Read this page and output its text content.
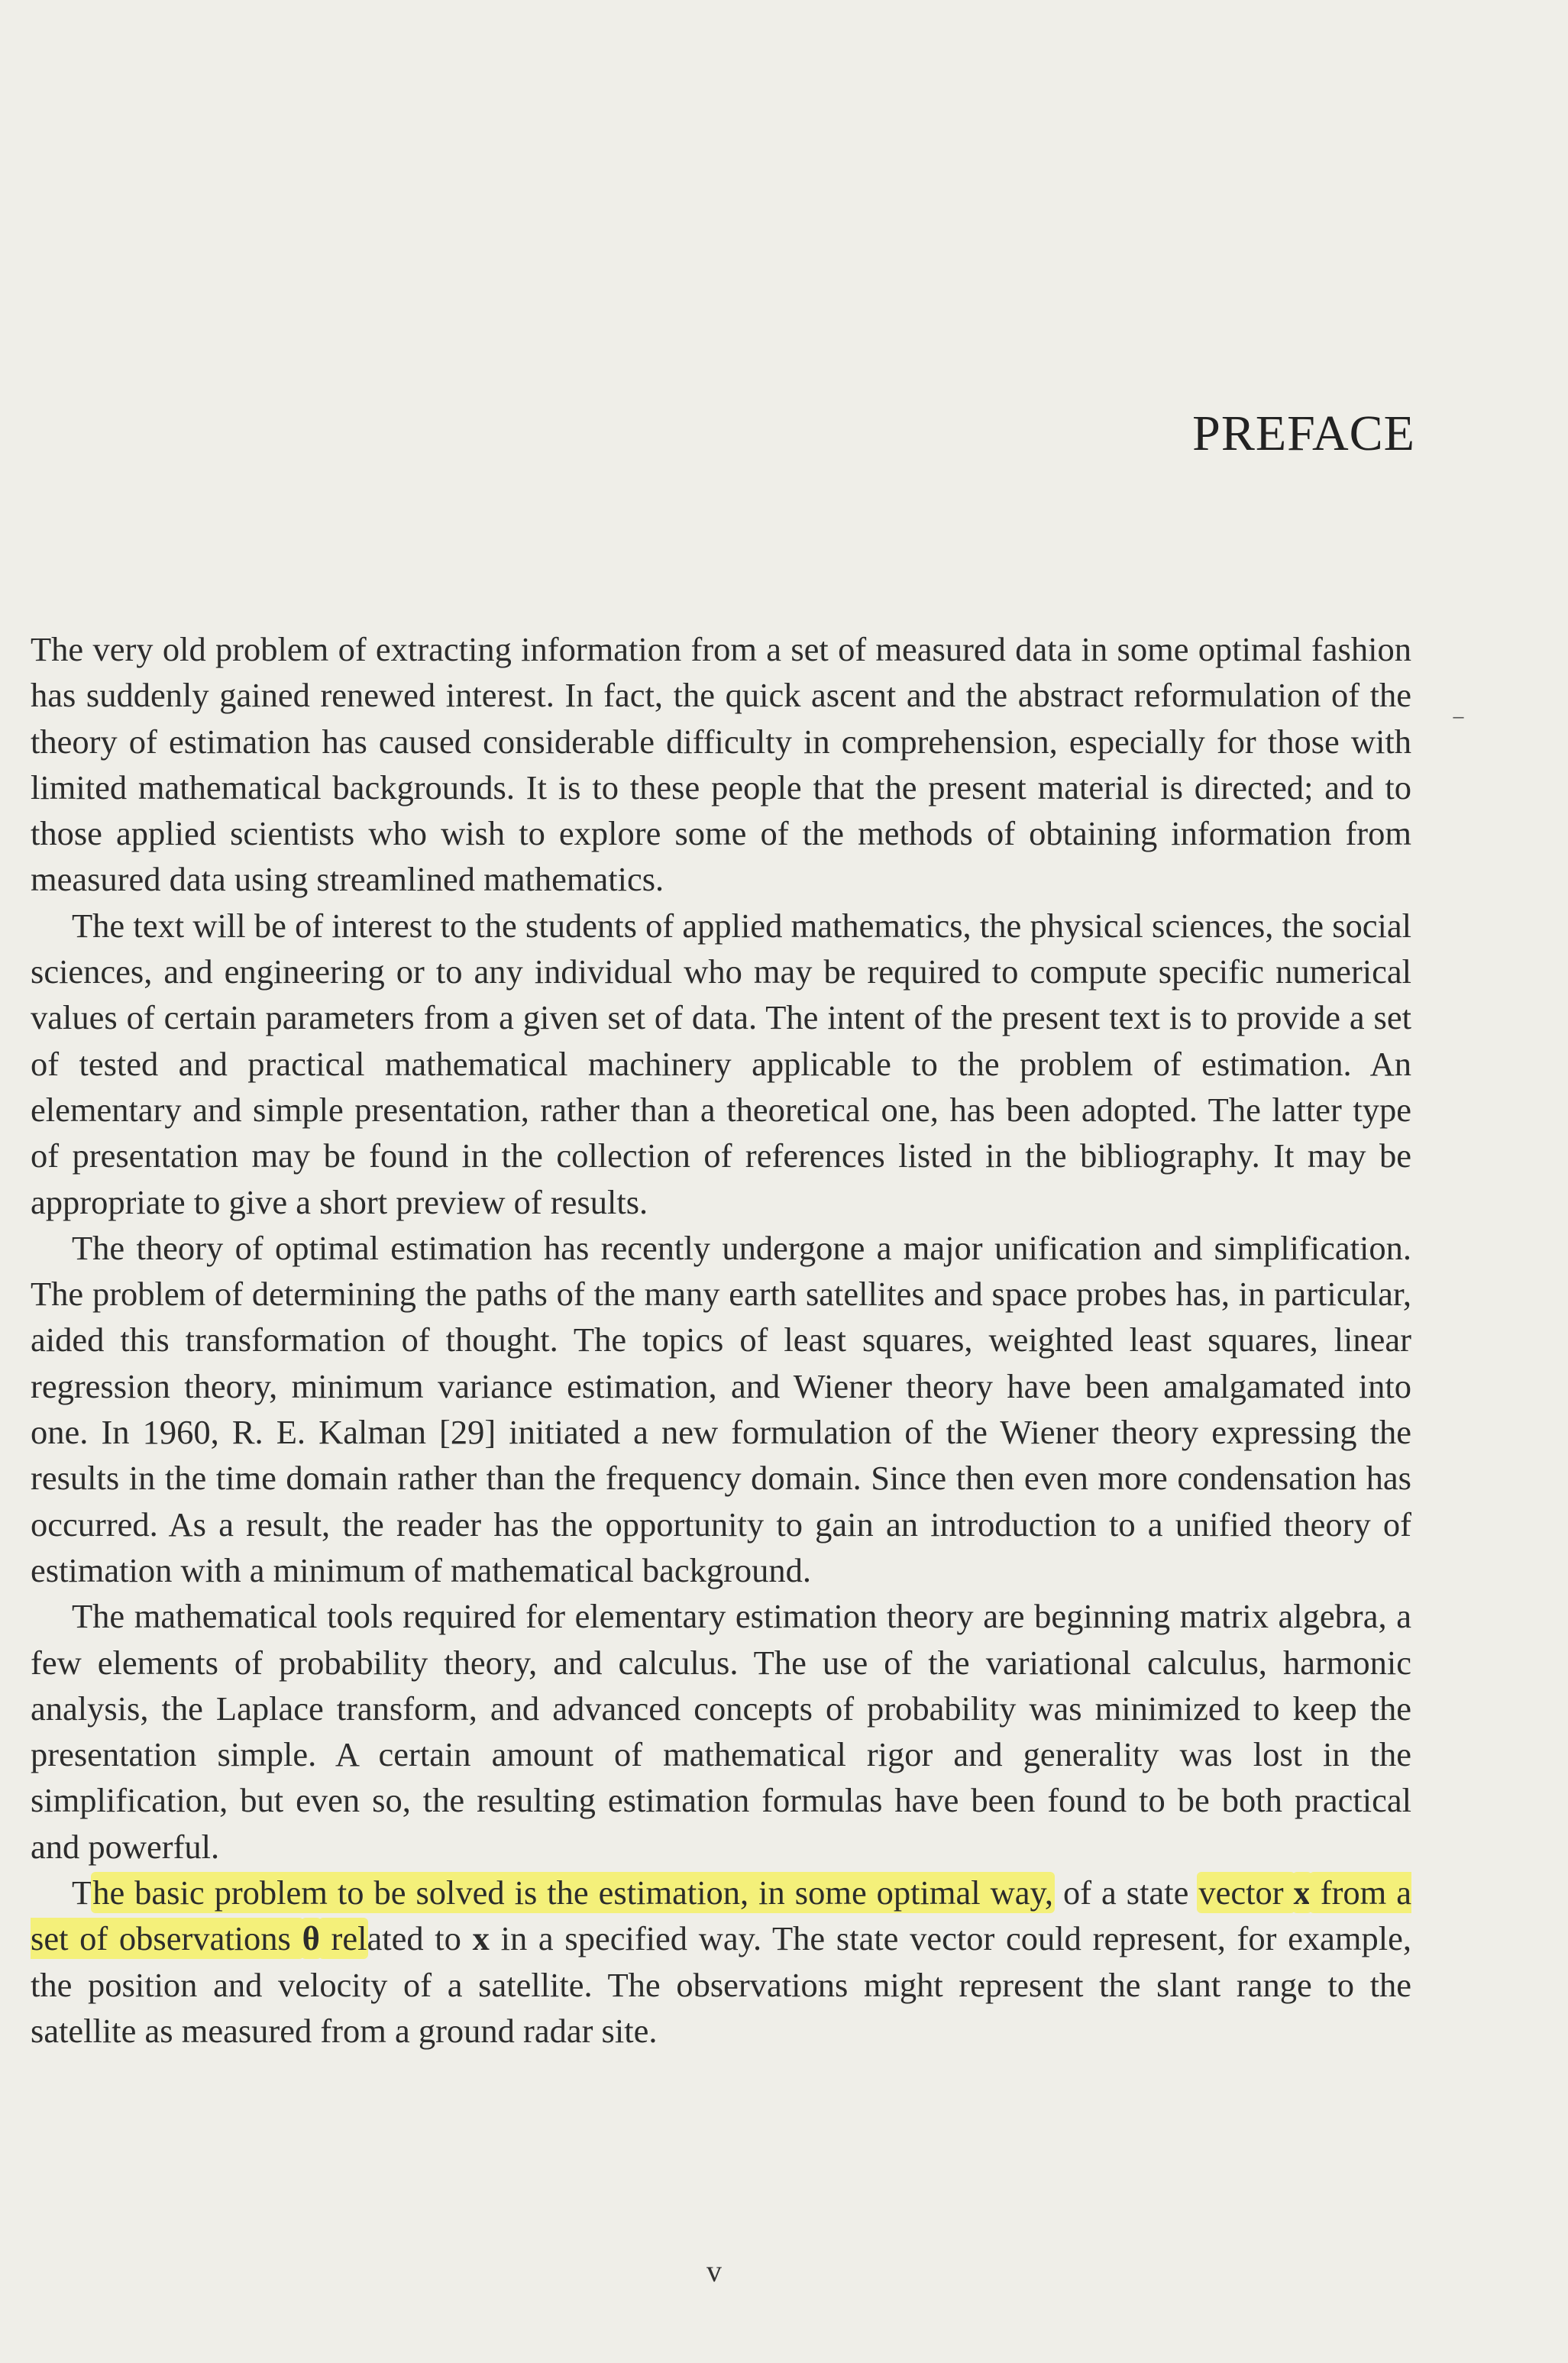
PREFACE

The very old problem of extracting information from a set of measured data in some optimal fashion has suddenly gained renewed interest. In fact, the quick ascent and the abstract reformulation of the theory of estimation has caused considerable difficulty in comprehension, especially for those with limited mathematical backgrounds. It is to these people that the present material is directed; and to those applied scientists who wish to explore some of the methods of obtaining information from measured data using streamlined mathematics.

The text will be of interest to the students of applied mathematics, the physical sciences, the social sciences, and engineering or to any individual who may be required to compute specific numerical values of certain parameters from a given set of data. The intent of the present text is to provide a set of tested and practical mathematical machinery applicable to the problem of estimation. An elementary and simple presentation, rather than a theoretical one, has been adopted. The latter type of presentation may be found in the collection of references listed in the bibliography. It may be appropriate to give a short preview of results.

The theory of optimal estimation has recently undergone a major unification and simplification. The problem of determining the paths of the many earth satellites and space probes has, in particular, aided this transformation of thought. The topics of least squares, weighted least squares, linear regression theory, minimum variance estimation, and Wiener theory have been amalgamated into one. In 1960, R. E. Kalman [29] initiated a new formulation of the Wiener theory expressing the results in the time domain rather than the frequency domain. Since then even more condensation has occurred. As a result, the reader has the opportunity to gain an introduction to a unified theory of estimation with a minimum of mathematical background.

The mathematical tools required for elementary estimation theory are beginning matrix algebra, a few elements of probability theory, and calculus. The use of the variational calculus, harmonic analysis, the Laplace transform, and advanced concepts of probability was minimized to keep the presentation simple. A certain amount of mathematical rigor and generality was lost in the simplification, but even so, the resulting estimation formulas have been found to be both practical and powerful.

The basic problem to be solved is the estimation, in some optimal way, of a state vector x from a set of observations θ related to x in a specified way. The state vector could represent, for example, the position and velocity of a satellite. The observations might represent the slant range to the satellite as measured from a ground radar site.

⁻
v
